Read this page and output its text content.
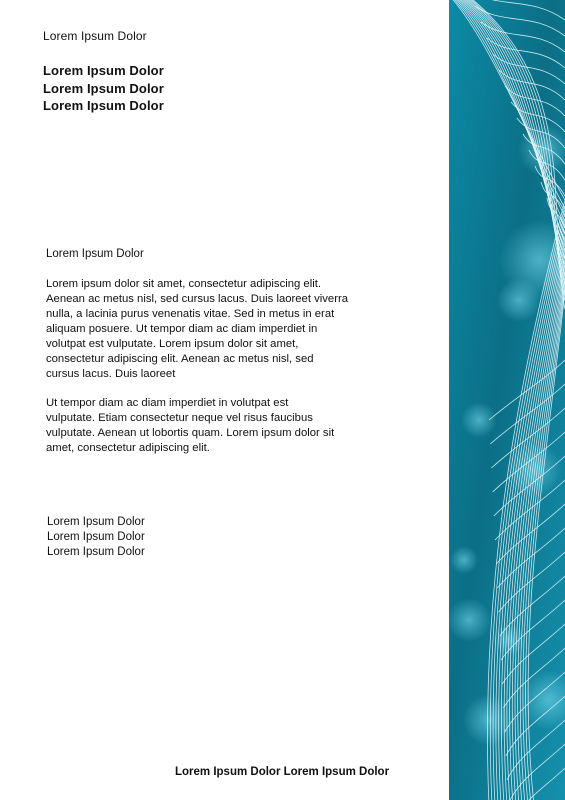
Lorem Ipsum Dolor
Lorem Ipsum Dolor
Lorem Ipsum Dolor
Lorem Ipsum Dolor
Lorem Ipsum Dolor

Lorem ipsum dolor sit amet, consectetur adipiscing elit.
Aenean ac metus nisl, sed cursus lacus. Duis laoreet viverra
nulla, a lacinia purus venenatis vitae. Sed in metus in erat
aliquam posuere. Ut tempor diam ac diam imperdiet in
volutpat est vulputate. Lorem ipsum dolor sit amet,
consectetur adipiscing elit. Aenean ac metus nisl, sed
cursus lacus. Duis laoreet

Ut tempor diam ac diam imperdiet in volutpat est
vulputate. Etiam consectetur neque vel risus faucibus
vulputate. Aenean ut lobortis quam. Lorem ipsum dolor sit
amet, consectetur adipiscing elit.

Lorem Ipsum Dolor
Lorem Ipsum Dolor
Lorem Ipsum Dolor
Lorem Ipsum Dolor Lorem Ipsum Dolor
